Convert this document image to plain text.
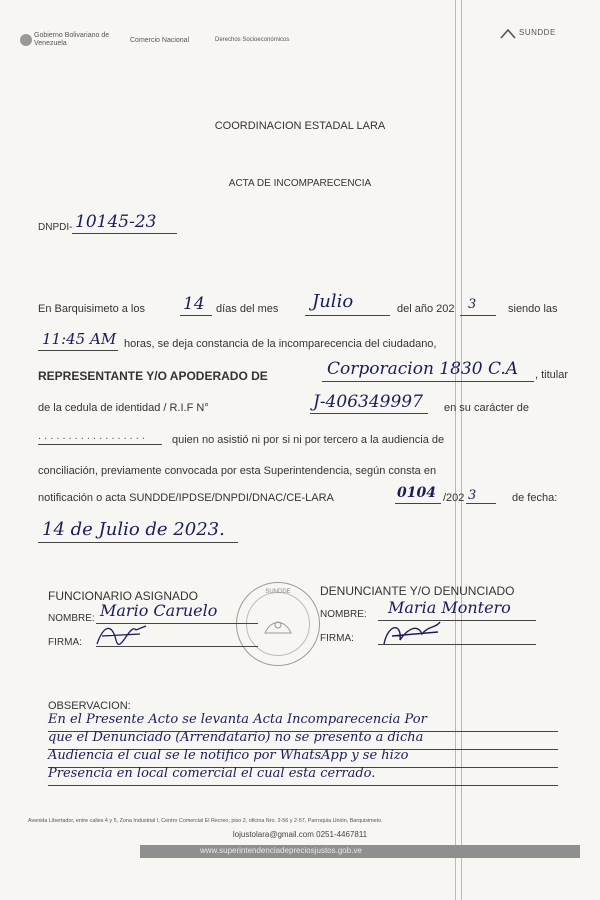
Gobierno Bolivariano de Venezuela	Comercio Nacional	Derechos Socioeconómicos
SUNDDE
COORDINACION ESTADAL LARA
ACTA DE INCOMPARECENCIA
DNPDI- 10145-23
En Barquisimeto a los 14 días del mes Julio	del año 202 3	siendo las
11:45 AM horas, se deja constancia de la incomparecencia del ciudadano,
REPRESENTANTE Y/O APODERADO DE	Corporacion 1830 C.A , titular
de la cedula de identidad / R.I.F N°	J-406349997 en su carácter de
. . . . . . . . . . . . . . . . . . quien no asistió ni por si ni por tercero a la audiencia de
conciliación, previamente convocada por esta Superintendencia, según consta en
notificación o acta SUNDDE/IPDSE/DNPDI/DNAC/CE-LARA	0104 /202 3	de fecha:
14 de Julio de 2023.
SUNDDE
FUNCIONARIO ASIGNADO
NOMBRE: Mario Caruelo
FIRMA:
DENUNCIANTE Y/O DENUNCIADO
NOMBRE: Maria Montero
FIRMA:
OBSERVACION:
En el Presente Acto se levanta Acta Incomparecencia Por
que el Denunciado (Arrendatario) no se presento a dicha
Audiencia el cual se le notifico por WhatsApp y se hizo
Presencia en local comercial el cual esta cerrado.
Avenida Libertador, entre calles 4 y 5, Zona Industrial I, Centro Comercial El Recreo, piso 2, oficina Nro. 2-56 y 2-57, Parroquia Unión, Barquisimeto.
lojustolara@gmail.com 0251-4467811
www.superintendenciadepreciosjustos.gob.ve
